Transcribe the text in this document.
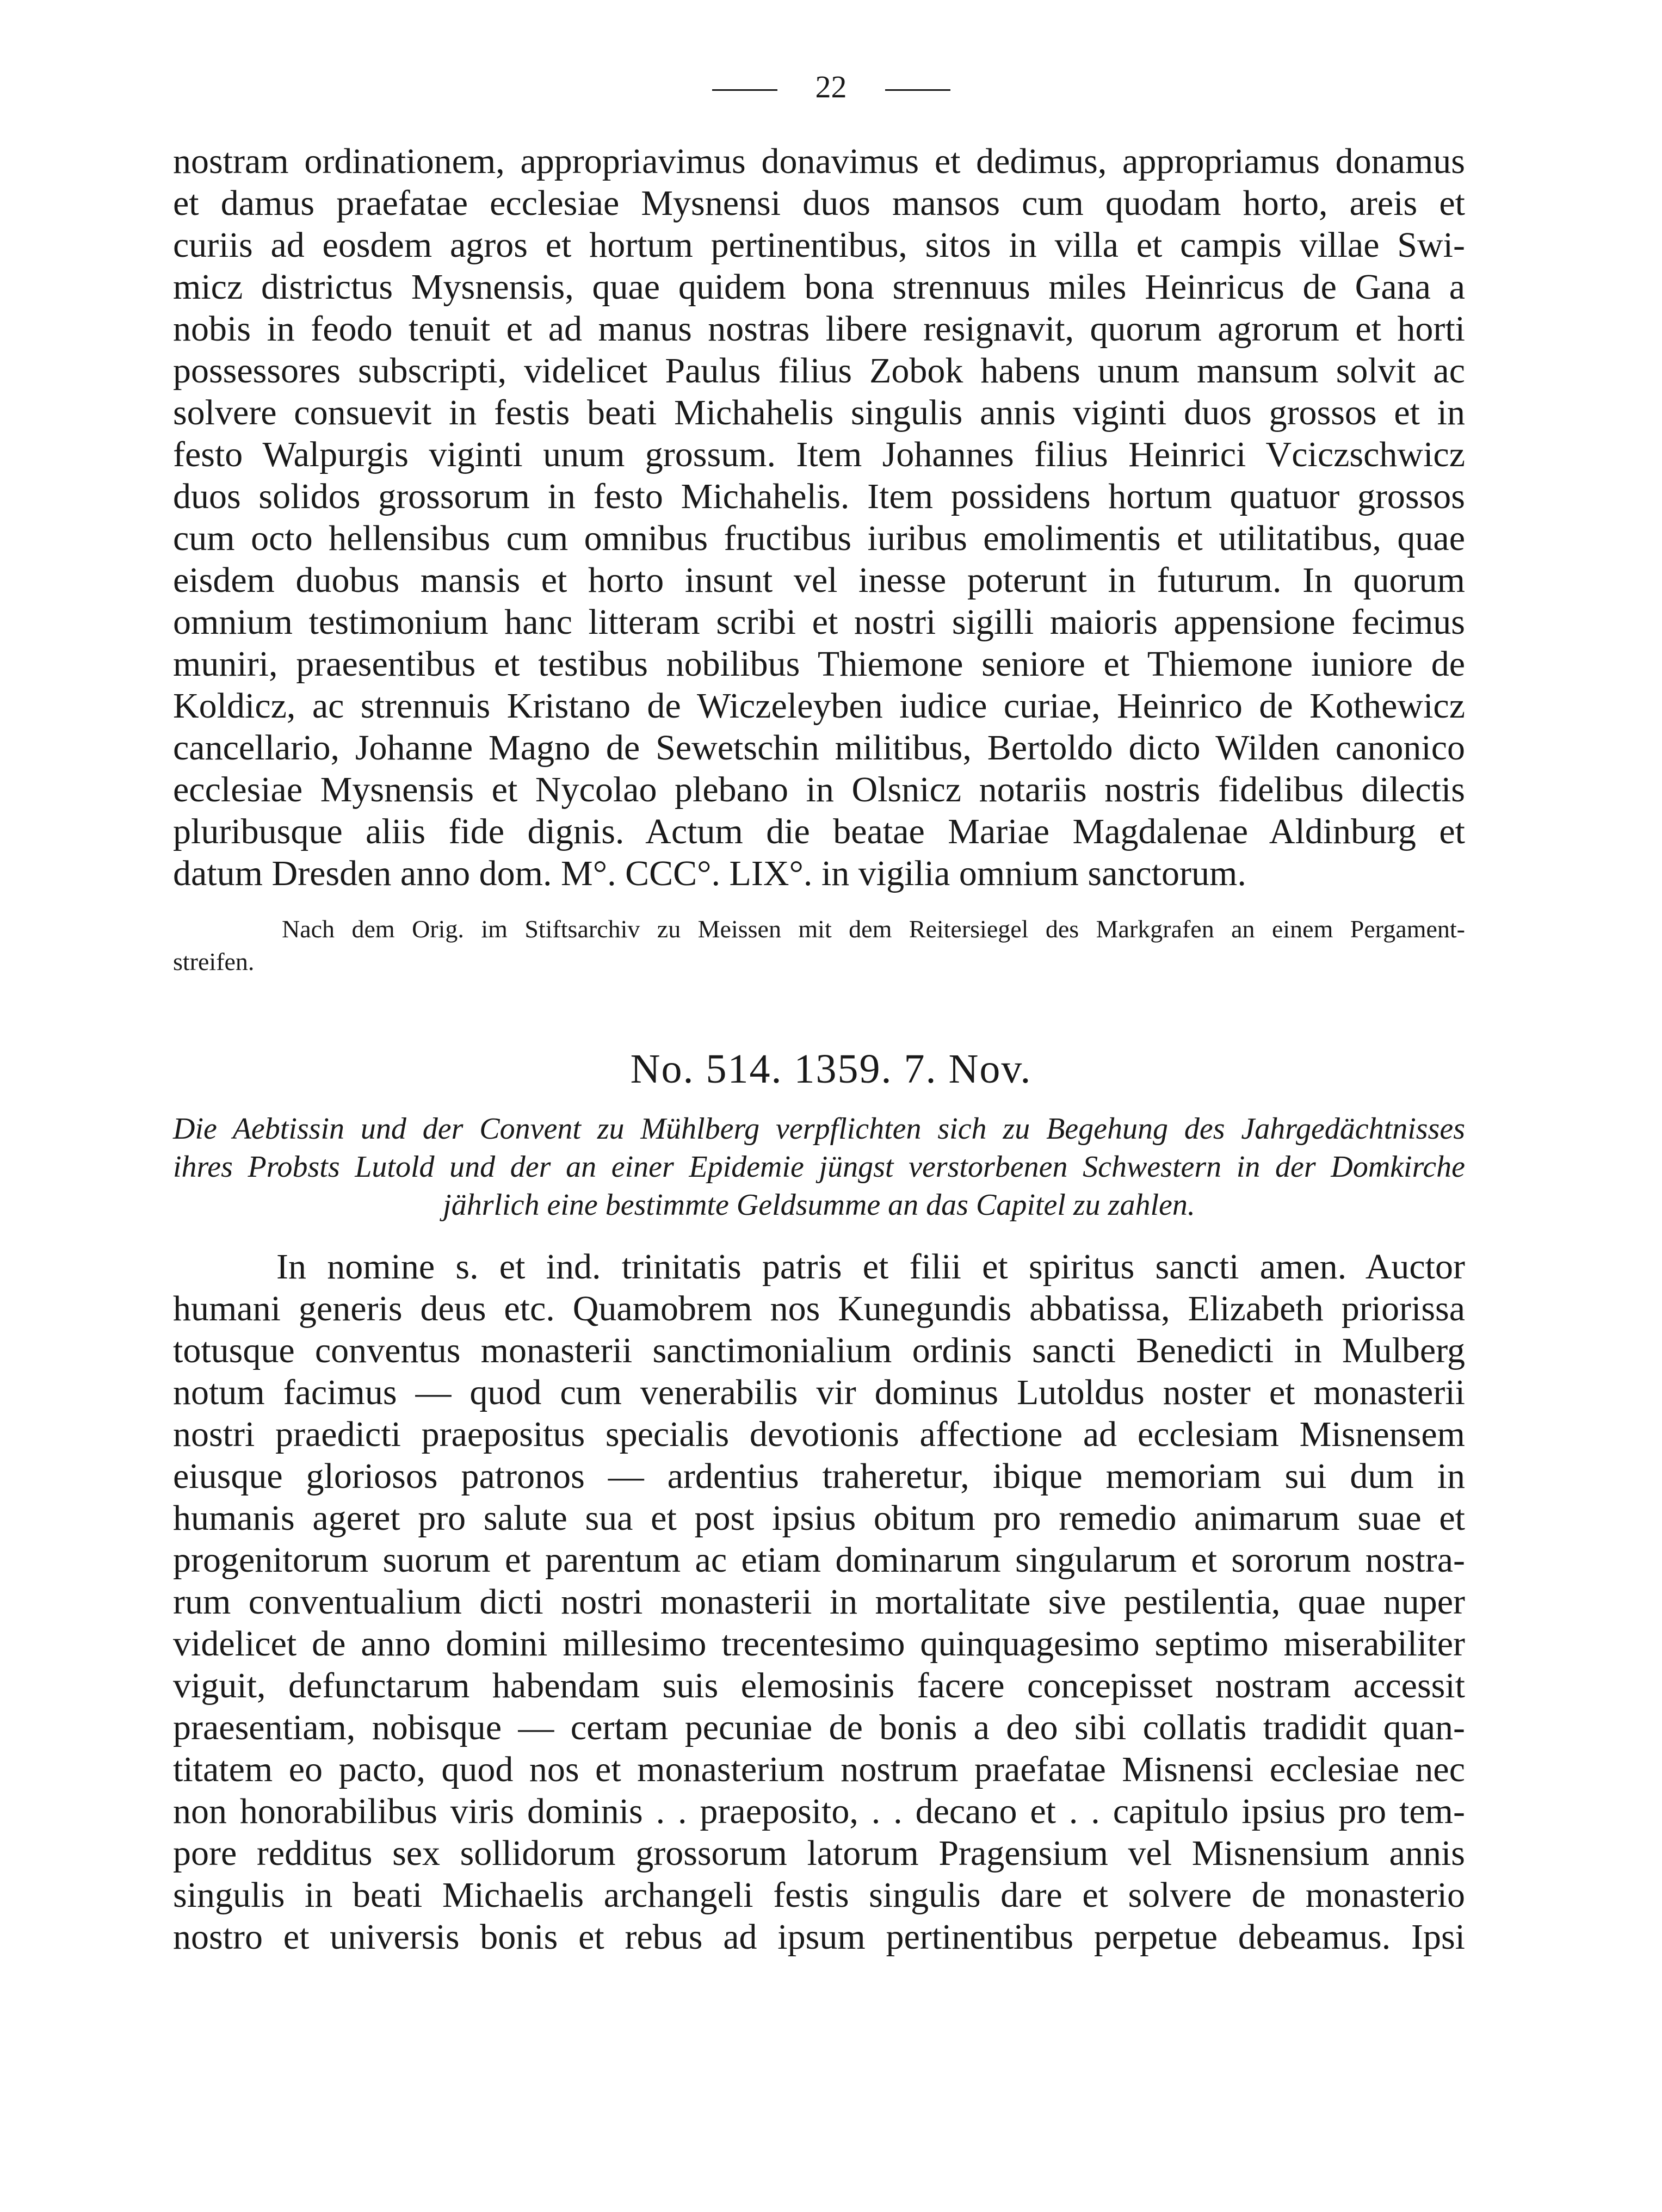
22
nostram ordinationem, appropriavimus donavimus et dedimus, appropriamus donamus
et damus praefatae ecclesiae Mysnensi duos mansos cum quodam horto, areis et
curiis ad eosdem agros et hortum pertinentibus, sitos in villa et campis villae Swi-
micz districtus Mysnensis, quae quidem bona strennuus miles Heinricus de Gana a
nobis in feodo tenuit et ad manus nostras libere resignavit, quorum agrorum et horti
possessores subscripti, videlicet Paulus filius Zobok habens unum mansum solvit ac
solvere consuevit in festis beati Michahelis singulis annis viginti duos grossos et in
festo Walpurgis viginti unum grossum. Item Johannes filius Heinrici Vciczschwicz
duos solidos grossorum in festo Michahelis. Item possidens hortum quatuor grossos
cum octo hellensibus cum omnibus fructibus iuribus emolimentis et utilitatibus, quae
eisdem duobus mansis et horto insunt vel inesse poterunt in futurum. In quorum
omnium testimonium hanc litteram scribi et nostri sigilli maioris appensione fecimus
muniri, praesentibus et testibus nobilibus Thiemone seniore et Thiemone iuniore de
Koldicz, ac strennuis Kristano de Wiczeleyben iudice curiae, Heinrico de Kothewicz
cancellario, Johanne Magno de Sewetschin militibus, Bertoldo dicto Wilden canonico
ecclesiae Mysnensis et Nycolao plebano in Olsnicz notariis nostris fidelibus dilectis
pluribusque aliis fide dignis. Actum die beatae Mariae Magdalenae Aldinburg et
datum Dresden anno dom. M°. CCC°. LIX°. in vigilia omnium sanctorum.
Nach dem Orig. im Stiftsarchiv zu Meissen mit dem Reitersiegel des Markgrafen an einem Pergament-
streifen.
No. 514. 1359. 7. Nov.
Die Aebtissin und der Convent zu Mühlberg verpflichten sich zu Begehung des Jahrgedächtnisses
ihres Probsts Lutold und der an einer Epidemie jüngst verstorbenen Schwestern in der Domkirche
jährlich eine bestimmte Geldsumme an das Capitel zu zahlen.
In nomine s. et ind. trinitatis patris et filii et spiritus sancti amen. Auctor
humani generis deus etc. Quamobrem nos Kunegundis abbatissa, Elizabeth priorissa
totusque conventus monasterii sanctimonialium ordinis sancti Benedicti in Mulberg
notum facimus — quod cum venerabilis vir dominus Lutoldus noster et monasterii
nostri praedicti praepositus specialis devotionis affectione ad ecclesiam Misnensem
eiusque gloriosos patronos — ardentius traheretur, ibique memoriam sui dum in
humanis ageret pro salute sua et post ipsius obitum pro remedio animarum suae et
progenitorum suorum et parentum ac etiam dominarum singularum et sororum nostra-
rum conventualium dicti nostri monasterii in mortalitate sive pestilentia, quae nuper
videlicet de anno domini millesimo trecentesimo quinquagesimo septimo miserabiliter
viguit, defunctarum habendam suis elemosinis facere concepisset nostram accessit
praesentiam, nobisque — certam pecuniae de bonis a deo sibi collatis tradidit quan-
titatem eo pacto, quod nos et monasterium nostrum praefatae Misnensi ecclesiae nec
non honorabilibus viris dominis . . praeposito, . . decano et . . capitulo ipsius pro tem-
pore redditus sex sollidorum grossorum latorum Pragensium vel Misnensium annis
singulis in beati Michaelis archangeli festis singulis dare et solvere de monasterio
nostro et universis bonis et rebus ad ipsum pertinentibus perpetue debeamus. Ipsi
